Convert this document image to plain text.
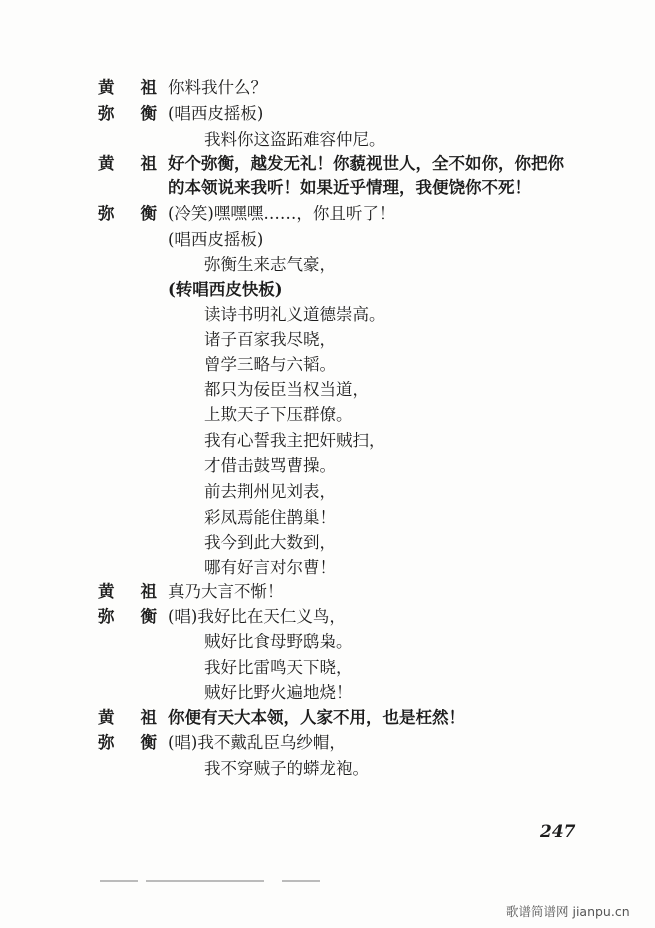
黄祖
你料我什么？
弥衡
(唱西皮摇板)
我料你这盗跖难容仲尼。
黄祖
好个弥衡，越发无礼！你藐视世人，全不如你，你把你
的本领说来我听！如果近乎情理，我便饶你不死！
弥衡
(冷笑)嘿嘿嘿……，你且听了！
(唱西皮摇板)
弥衡生来志气豪，
(转唱西皮快板)
读诗书明礼义道德崇高。
诸子百家我尽晓，
曾学三略与六韬。
都只为佞臣当权当道，
上欺天子下压群僚。
我有心誓我主把奸贼扫，
才借击鼓骂曹操。
前去荆州见刘表，
彩凤焉能住鹊巢！
我今到此大数到，
哪有好言对尔曹！
黄祖
真乃大言不惭！
弥衡
(唱)我好比在天仁义鸟，
贼好比食母野鸱枭。
我好比雷鸣天下晓，
贼好比野火遍地烧！
黄祖
你便有天大本领，人家不用，也是枉然！
弥衡
(唱)我不戴乱臣乌纱帽，
我不穿贼子的蟒龙袍。
247
歌谱简谱网 jianpu.cn
